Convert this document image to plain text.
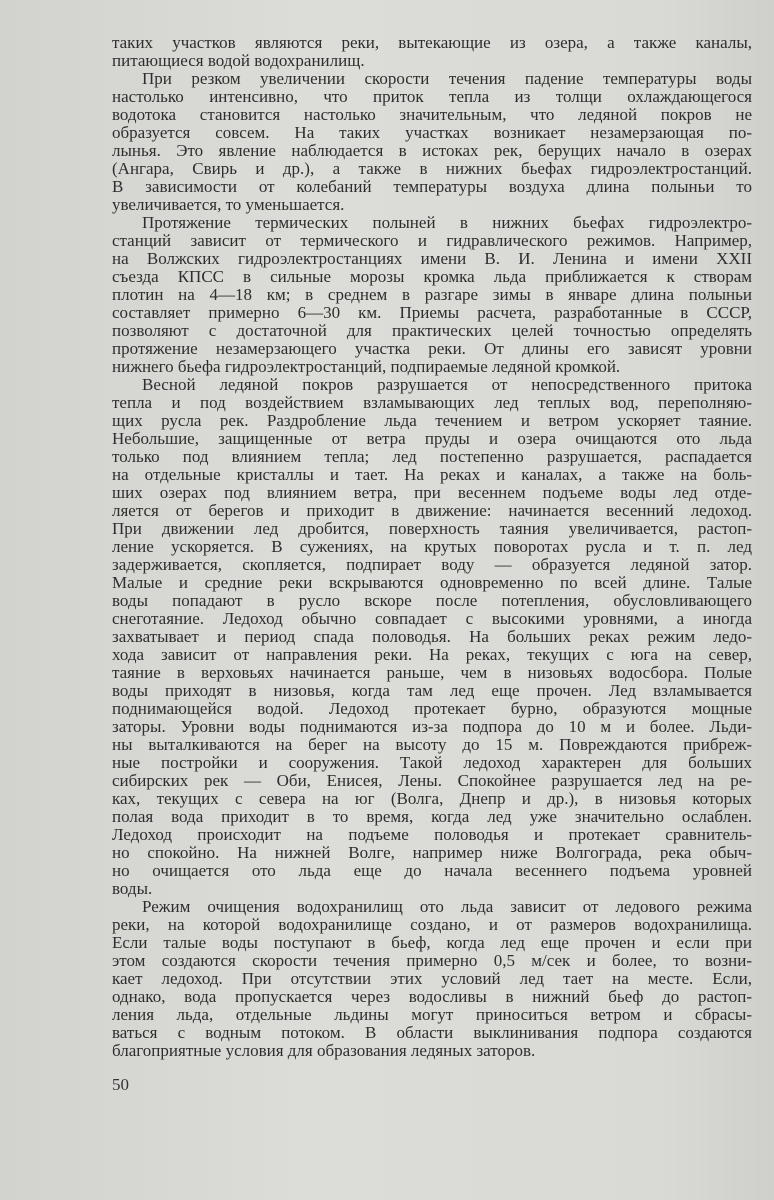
таких участков являются реки, вытекающие из озера, а также каналы,
питающиеся водой водохранилищ.
При резком увеличении скорости течения падение температуры воды
настолько интенсивно, что приток тепла из толщи охлаждающегося
водотока становится настолько значительным, что ледяной покров не
образуется совсем. На таких участках возникает незамерзающая по-
лынья. Это явление наблюдается в истоках рек, берущих начало в озерах
(Ангара, Свирь и др.), а также в нижних бьефах гидроэлектростанций.
В зависимости от колебаний температуры воздуха длина полыньи то
увеличивается, то уменьшается.
Протяжение термических полыней в нижних бьефах гидроэлектро-
станций зависит от термического и гидравлического режимов. Например,
на Волжских гидроэлектростанциях имени В. И. Ленина и имени XXII
съезда КПСС в сильные морозы кромка льда приближается к створам
плотин на 4—18 км; в среднем в разгаре зимы в январе длина полыньи
составляет примерно 6—30 км. Приемы расчета, разработанные в СССР,
позволяют с достаточной для практических целей точностью определять
протяжение незамерзающего участка реки. От длины его зависят уровни
нижнего бьефа гидроэлектростанций, подпираемые ледяной кромкой.
Весной ледяной покров разрушается от непосредственного притока
тепла и под воздействием взламывающих лед теплых вод, переполняю-
щих русла рек. Раздробление льда течением и ветром ускоряет таяние.
Небольшие, защищенные от ветра пруды и озера очищаются ото льда
только под влиянием тепла; лед постепенно разрушается, распадается
на отдельные кристаллы и тает. На реках и каналах, а также на боль-
ших озерах под влиянием ветра, при весеннем подъеме воды лед отде-
ляется от берегов и приходит в движение: начинается весенний ледоход.
При движении лед дробится, поверхность таяния увеличивается, растоп-
ление ускоряется. В сужениях, на крутых поворотах русла и т. п. лед
задерживается, скопляется, подпирает воду — образуется ледяной затор.
Малые и средние реки вскрываются одновременно по всей длине. Талые
воды попадают в русло вскоре после потепления, обусловливающего
снеготаяние. Ледоход обычно совпадает с высокими уровнями, а иногда
захватывает и период спада половодья. На больших реках режим ледо-
хода зависит от направления реки. На реках, текущих с юга на север,
таяние в верховьях начинается раньше, чем в низовьях водосбора. Полые
воды приходят в низовья, когда там лед еще прочен. Лед взламывается
поднимающейся водой. Ледоход протекает бурно, образуются мощные
заторы. Уровни воды поднимаются из-за подпора до 10 м и более. Льди-
ны выталкиваются на берег на высоту до 15 м. Повреждаются прибреж-
ные постройки и сооружения. Такой ледоход характерен для больших
сибирских рек — Оби, Енисея, Лены. Спокойнее разрушается лед на ре-
ках, текущих с севера на юг (Волга, Днепр и др.), в низовья которых
полая вода приходит в то время, когда лед уже значительно ослаблен.
Ледоход происходит на подъеме половодья и протекает сравнитель-
но спокойно. На нижней Волге, например ниже Волгограда, река обыч-
но очищается ото льда еще до начала весеннего подъема уровней
воды.
Режим очищения водохранилищ ото льда зависит от ледового режима
реки, на которой водохранилище создано, и от размеров водохранилища.
Если талые воды поступают в бьеф, когда лед еще прочен и если при
этом создаются скорости течения примерно 0,5 м/сек и более, то возни-
кает ледоход. При отсутствии этих условий лед тает на месте. Если,
однако, вода пропускается через водосливы в нижний бьеф до растоп-
ления льда, отдельные льдины могут приноситься ветром и сбрасы-
ваться с водным потоком. В области выклинивания подпора создаются
благоприятные условия для образования ледяных заторов.
50
